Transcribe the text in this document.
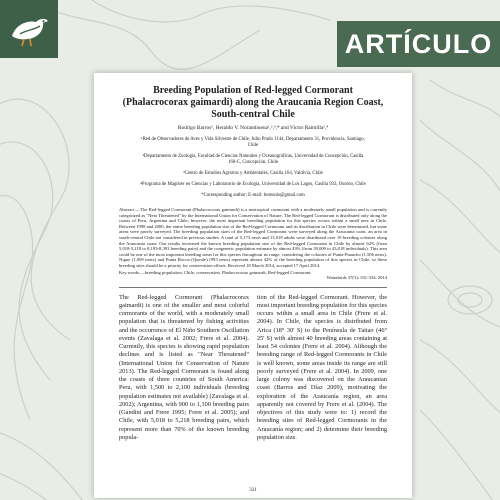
ARTÍCULO
Breeding Population of Red-legged Cormorant
(Phalacrocorax gaimardi) along the Araucania Region Coast,
South-central Chile
Rodrigo Barros¹, Heraldo V. Norambuena¹,²,³,* and Victor Raimilla¹,⁴
¹Red de Observadores de Aves y Vida Silvestre de Chile, Julio Prado 1144, Departamento 31, Providencia, Santiago, Chile
²Departamento de Zoología, Facultad de Ciencias Naturales y Oceanográficas, Universidad de Concepción, Casilla 160-C, Concepción, Chile
³Centro de Estudios Agrarios y Ambientales, Casilla 164, Valdivia, Chile
⁴Programa de Magíster en Ciencias y Laboratorio de Ecología, Universidad de Los Lagos, Casilla 933, Osorno, Chile
*Corresponding author; E-mail: buteonis@gmail.com
Abstract.—The Red-legged Cormorant (Phalacrocorax gaimardi) is a neotropical cormorant with a moderately small population and is currently categorized as "Near Threatened" by the International Union for Conservation of Nature. The Red-legged Cormorant is distributed only along the coasts of Peru, Argentina and Chile; however, the most important breeding population for this species occurs within a small area in Chile. Between 1998 and 2000, the entire breeding population size of the Red-legged Cormorant and its distribution in Chile were determined, but some areas were poorly surveyed. The breeding population sizes of the Red-legged Cormorant were surveyed along the Araucania coast, an area in south-central Chile not considered in previous studies. A total of 5,173 nests and 13,018 adults were distributed over 19 breeding colonies along the Araucania coast. Our results increased the known breeding population size of the Red-legged Cormorant in Chile by almost 62% (from 5,018-5,218 to 8,193-8,393 breeding pairs) and the congeneric population estimate by almost 43% (from 39,000 to 43,018 individuals). This area could be one of the most important breeding areas for this species throughout its range, considering the colonies of Punta-Puaucho (1,506 nests), Nigue (1,009 nests) and Punta Rocoa (Queule) (993 nests) represent almost 42% of the breeding population of this species in Chile, so these breeding sites should be a priority for conservation efforts. Received 18 March 2014, accepted 17 April 2014.
Key words.—breeding population, Chile, conservation, Phalacrocorax gaimardi, Red-legged Cormorant.
Waterbirds 37(3): 331-334, 2014
The Red-legged Cormorant (Phalacrocorax gaimardi) is one of the smaller and most colorful cormorants of the world, with a moderately small population that is threatened by fishing activities and the occurrence of El Niño Southern Oscillation events (Zavalaga et al. 2002; Frere et al. 2004). Currently, this species is showing rapid population declines and is listed as "Near Threatened" (International Union for Conservation of Nature 2013). The Red-legged Cormorant is found along the coasts of three countries of South America: Peru, with 1,500 to 2,100 individuals (breeding population estimates not available) (Zavalaga et al. 2002); Argentina, with 900 to 1,100 breeding pairs (Gandini and Frere 1995; Frere et al. 2005); and Chile, with 5,018 to 5,218 breeding pairs, which represent more than 70% of the known breeding popula-
tion of the Red-legged Cormorant. However, the most important breeding population for this species occurs within a small area in Chile (Frere et al. 2004). In Chile, the species is distributed from Arica (18° 30' S) to the Península de Taitao (46° 25' S) with almost 40 breeding areas containing at least 54 colonies (Frere et al. 2004). Although the breeding range of Red-legged Cormorants in Chile is well known, some areas inside its range are still poorly surveyed (Frere et al. 2004). In 2009, one large colony was discovered on the Araucanian coast (Barros and Díaz 2009), motivating the exploration of the Araucanía region, an area apparently not covered by Frere et al. (2004). The objectives of this study were to: 1) record the breeding sites of Red-legged Cormorants in the Araucanía region; and 2) determine their breeding population size.
331
